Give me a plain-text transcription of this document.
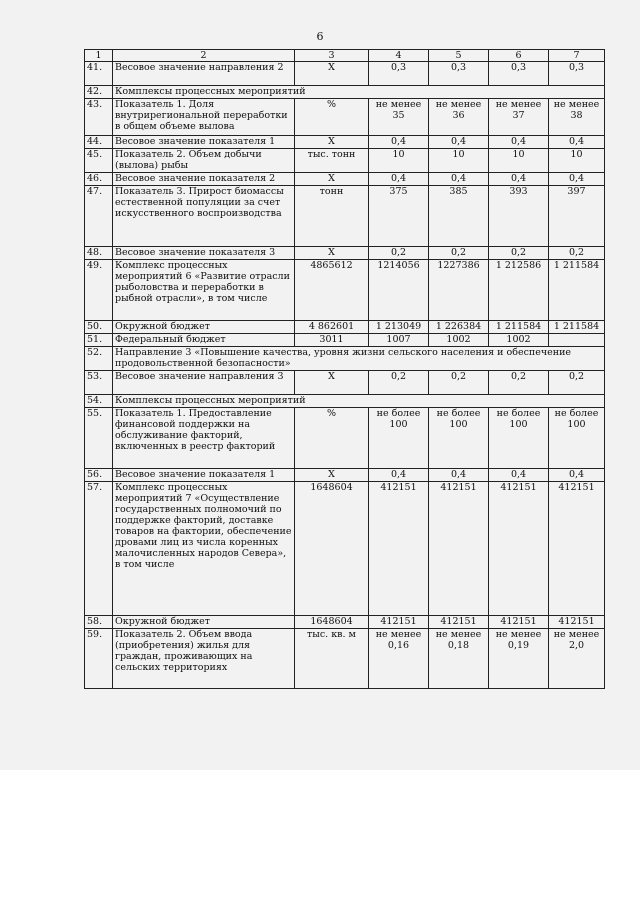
6
1	2	3	4	5	6	7
41.	Весовое значение направления 2	Х	0,3	0,3	0,3	0,3
42.	Комплексы процессных мероприятий					
43.	Показатель 1. Доля внутрирегиональной переработки в общем объеме вылова	%	не менее 35	не менее 36	не менее 37	не менее 38
44.	Весовое значение показателя 1	Х	0,4	0,4	0,4	0,4
45.	Показатель 2. Объем добычи (вылова) рыбы	тыс. тонн	10	10	10	10
46.	Весовое значение показателя 2	Х	0,4	0,4	0,4	0,4
47.	Показатель 3. Прирост биомассы естественной популяции за счет искусственного воспроизводства	тонн	375	385	393	397
48.	Весовое значение показателя 3	Х	0,2	0,2	0,2	0,2
49.	Комплекс процессных мероприятий 6 «Развитие отрасли рыболовства и переработки в рыбной отрасли», в том числе	4865612	1214056	1227386	1 212586	1 211584
50.	Окружной бюджет	4 862601	1 213049	1 226384	1 211584	1 211584
51.	Федеральный бюджет	3011	1007	1002	1002	
52.	Направление 3 «Повышение качества, уровня жизни сельского населения и обеспечение продовольственной безопасности»					
53.	Весовое значение направления 3	Х	0,2	0,2	0,2	0,2
54.	Комплексы процессных мероприятий					
55.	Показатель 1. Предоставление финансовой поддержки на обслуживание факторий, включенных в реестр факторий	%	не более 100	не более 100	не более 100	не более 100
56.	Весовое значение показателя 1	Х	0,4	0,4	0,4	0,4
57.	Комплекс процессных мероприятий 7 «Осуществление государственных полномочий по поддержке факторий, доставке товаров на фактории, обеспечение дровами лиц из числа коренных малочисленных народов Севера», в том числе	1648604	412151	412151	412151	412151
58.	Окружной бюджет	1648604	412151	412151	412151	412151
59.	Показатель 2. Объем ввода (приобретения) жилья для граждан, проживающих на сельских территориях	тыс. кв. м	не менее 0,16	не менее 0,18	не менее 0,19	не менее 2,0
